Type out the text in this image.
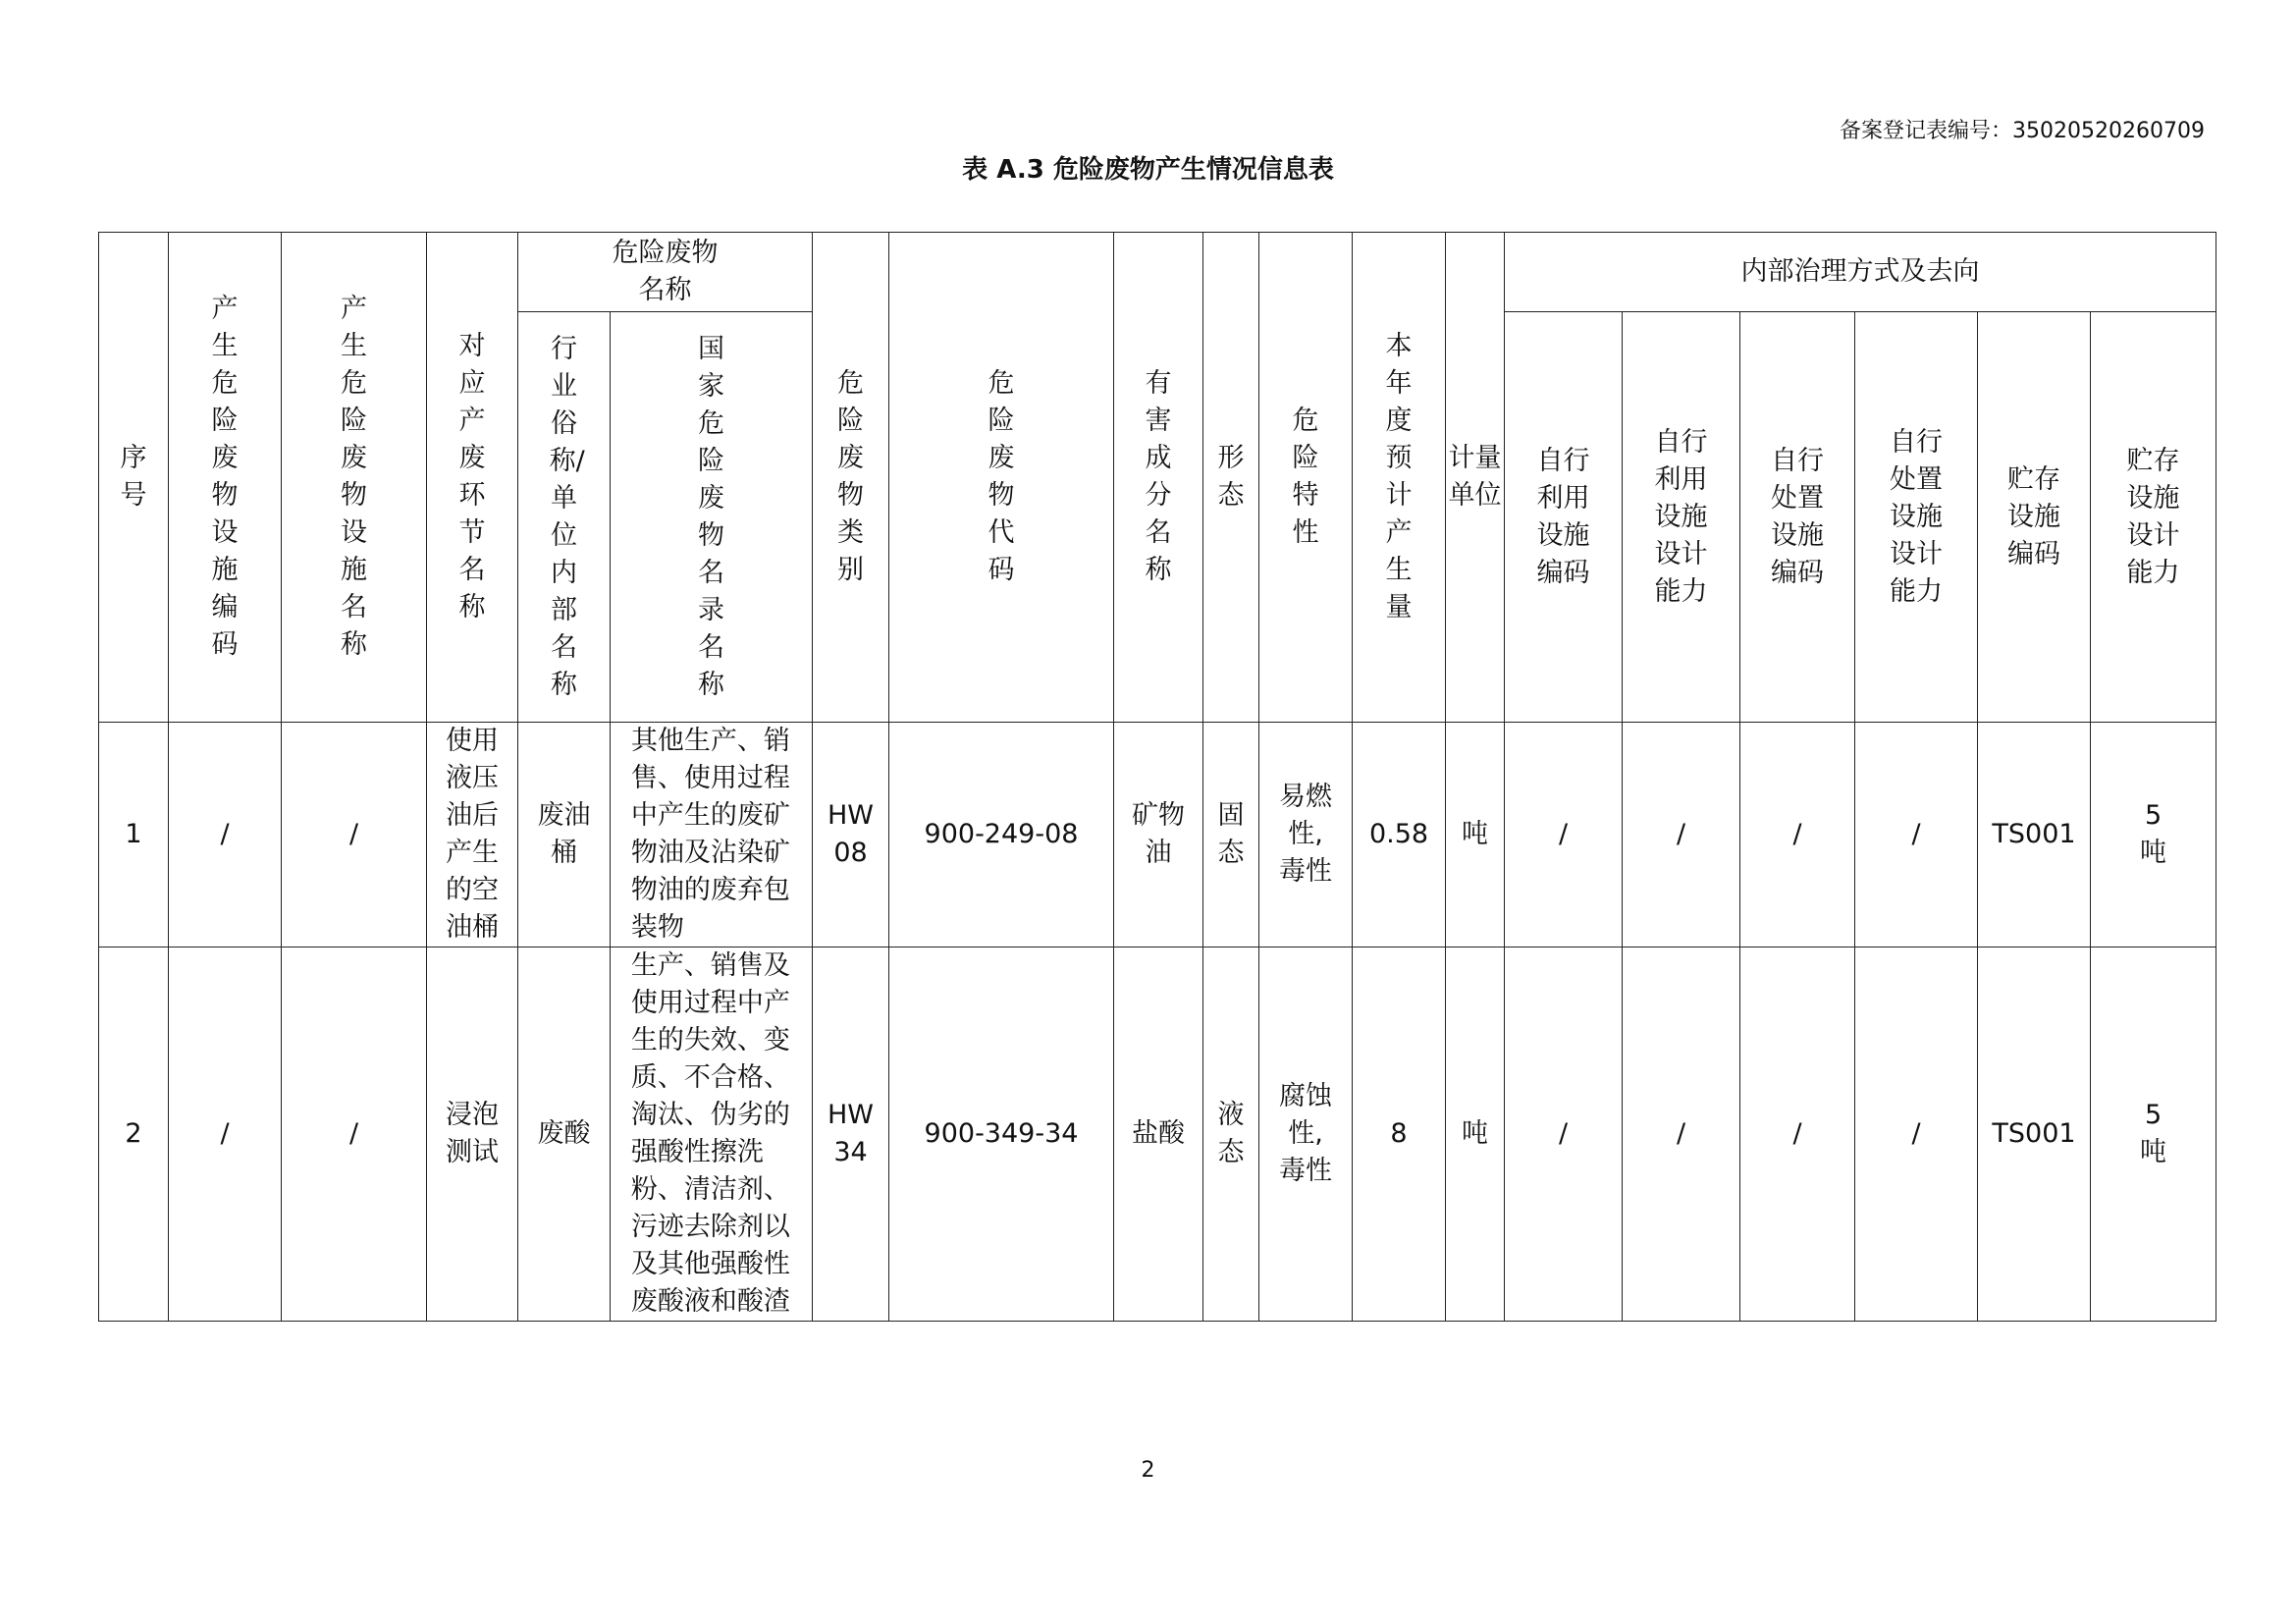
备案登记表编号：35020520260709
表 A.3 危险废物产生情况信息表
序号	产生危险废物设施编码	产生危险废物设施名称	对应产废环节名称	危险废物名称		危险废物类别	危险废物代码	有害成分名称	形态	危险特性	本年度预计产生量	计量单位	内部治理方式及去向					
				行业俗称/单位内部名称	国家危险废物名录名称								自行利用设施编码	自行利用设施设计能力	自行处置设施编码	自行处置设施设计能力	贮存设施编码	贮存设施设计能力
1	/	/	使用液压油后产生的空油桶	废油桶	其他生产、销售、使用过程中产生的废矿物油及沾染矿物油的废弃包装物	HW08	900-249-08	矿物油	固态	易燃性,毒性	0.58	吨	/	/	/	/	TS001	5
吨

2	/	/	浸泡测试	废酸	生产、销售及使用过程中产生的失效、变质、不合格、淘汰、伪劣的强酸性擦洗粉、清洁剂、污迹去除剂以及其他强酸性废酸液和酸渣	HW34	900-349-34	盐酸	液态	腐蚀性,毒性	8	吨	/	/	/	/	TS001	5
吨
2
